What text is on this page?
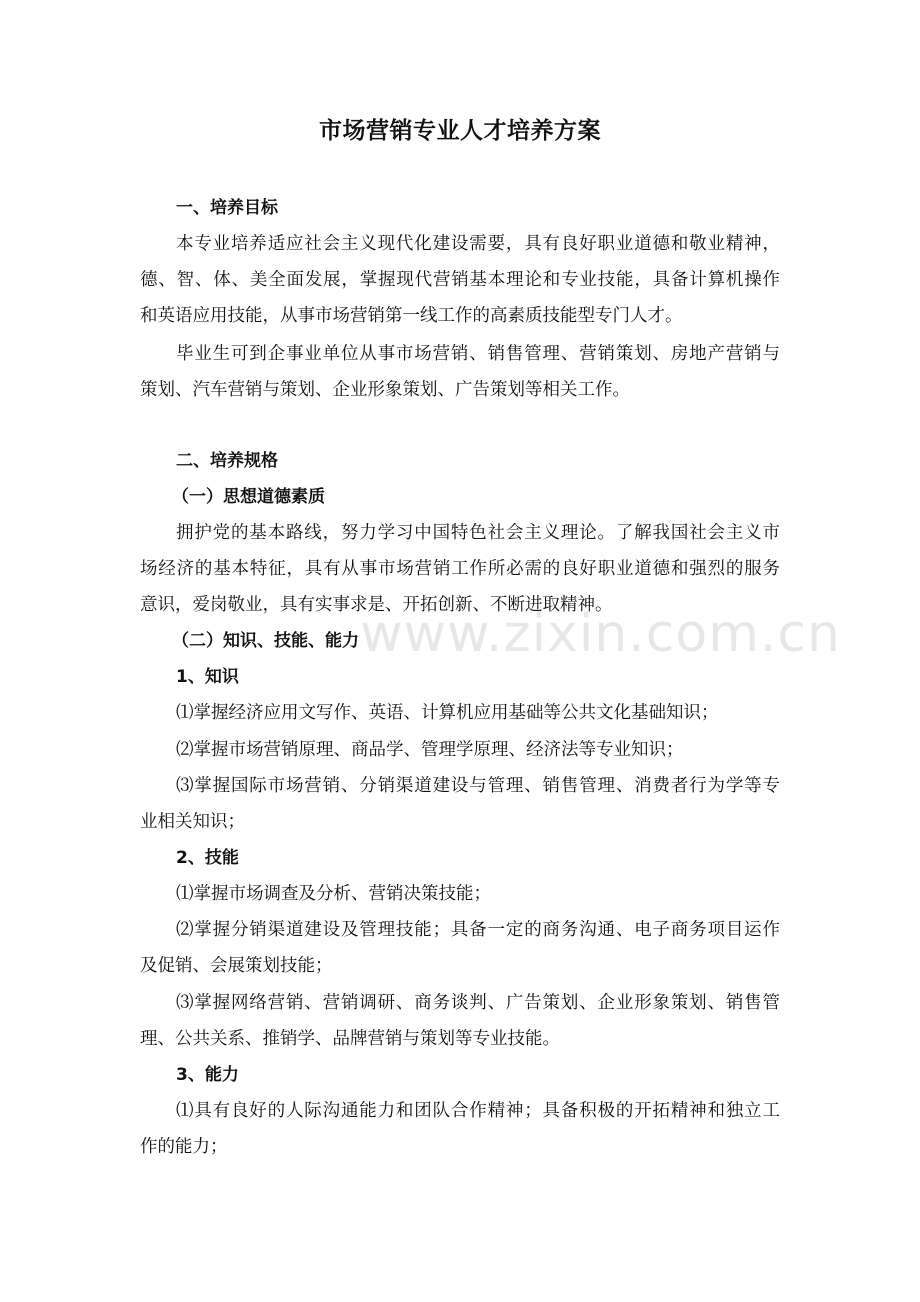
市场营销专业人才培养方案
www.zixin.com.cn
一、培养目标
本专业培养适应社会主义现代化建设需要，具有良好职业道德和敬业精神，
德、智、体、美全面发展，掌握现代营销基本理论和专业技能，具备计算机操作
和英语应用技能，从事市场营销第一线工作的高素质技能型专门人才。
毕业生可到企事业单位从事市场营销、销售管理、营销策划、房地产营销与
策划、汽车营销与策划、企业形象策划、广告策划等相关工作。
二、培养规格
（一）思想道德素质
拥护党的基本路线，努力学习中国特色社会主义理论。了解我国社会主义市
场经济的基本特征，具有从事市场营销工作所必需的良好职业道德和强烈的服务
意识，爱岗敬业，具有实事求是、开拓创新、不断进取精神。
（二）知识、技能、能力
1、知识
⑴掌握经济应用文写作、英语、计算机应用基础等公共文化基础知识；
⑵掌握市场营销原理、商品学、管理学原理、经济法等专业知识；
⑶掌握国际市场营销、分销渠道建设与管理、销售管理、消费者行为学等专
业相关知识；
2、技能
⑴掌握市场调查及分析、营销决策技能；
⑵掌握分销渠道建设及管理技能；具备一定的商务沟通、电子商务项目运作
及促销、会展策划技能；
⑶掌握网络营销、营销调研、商务谈判、广告策划、企业形象策划、销售管
理、公共关系、推销学、品牌营销与策划等专业技能。
3、能力
⑴具有良好的人际沟通能力和团队合作精神；具备积极的开拓精神和独立工
作的能力；
